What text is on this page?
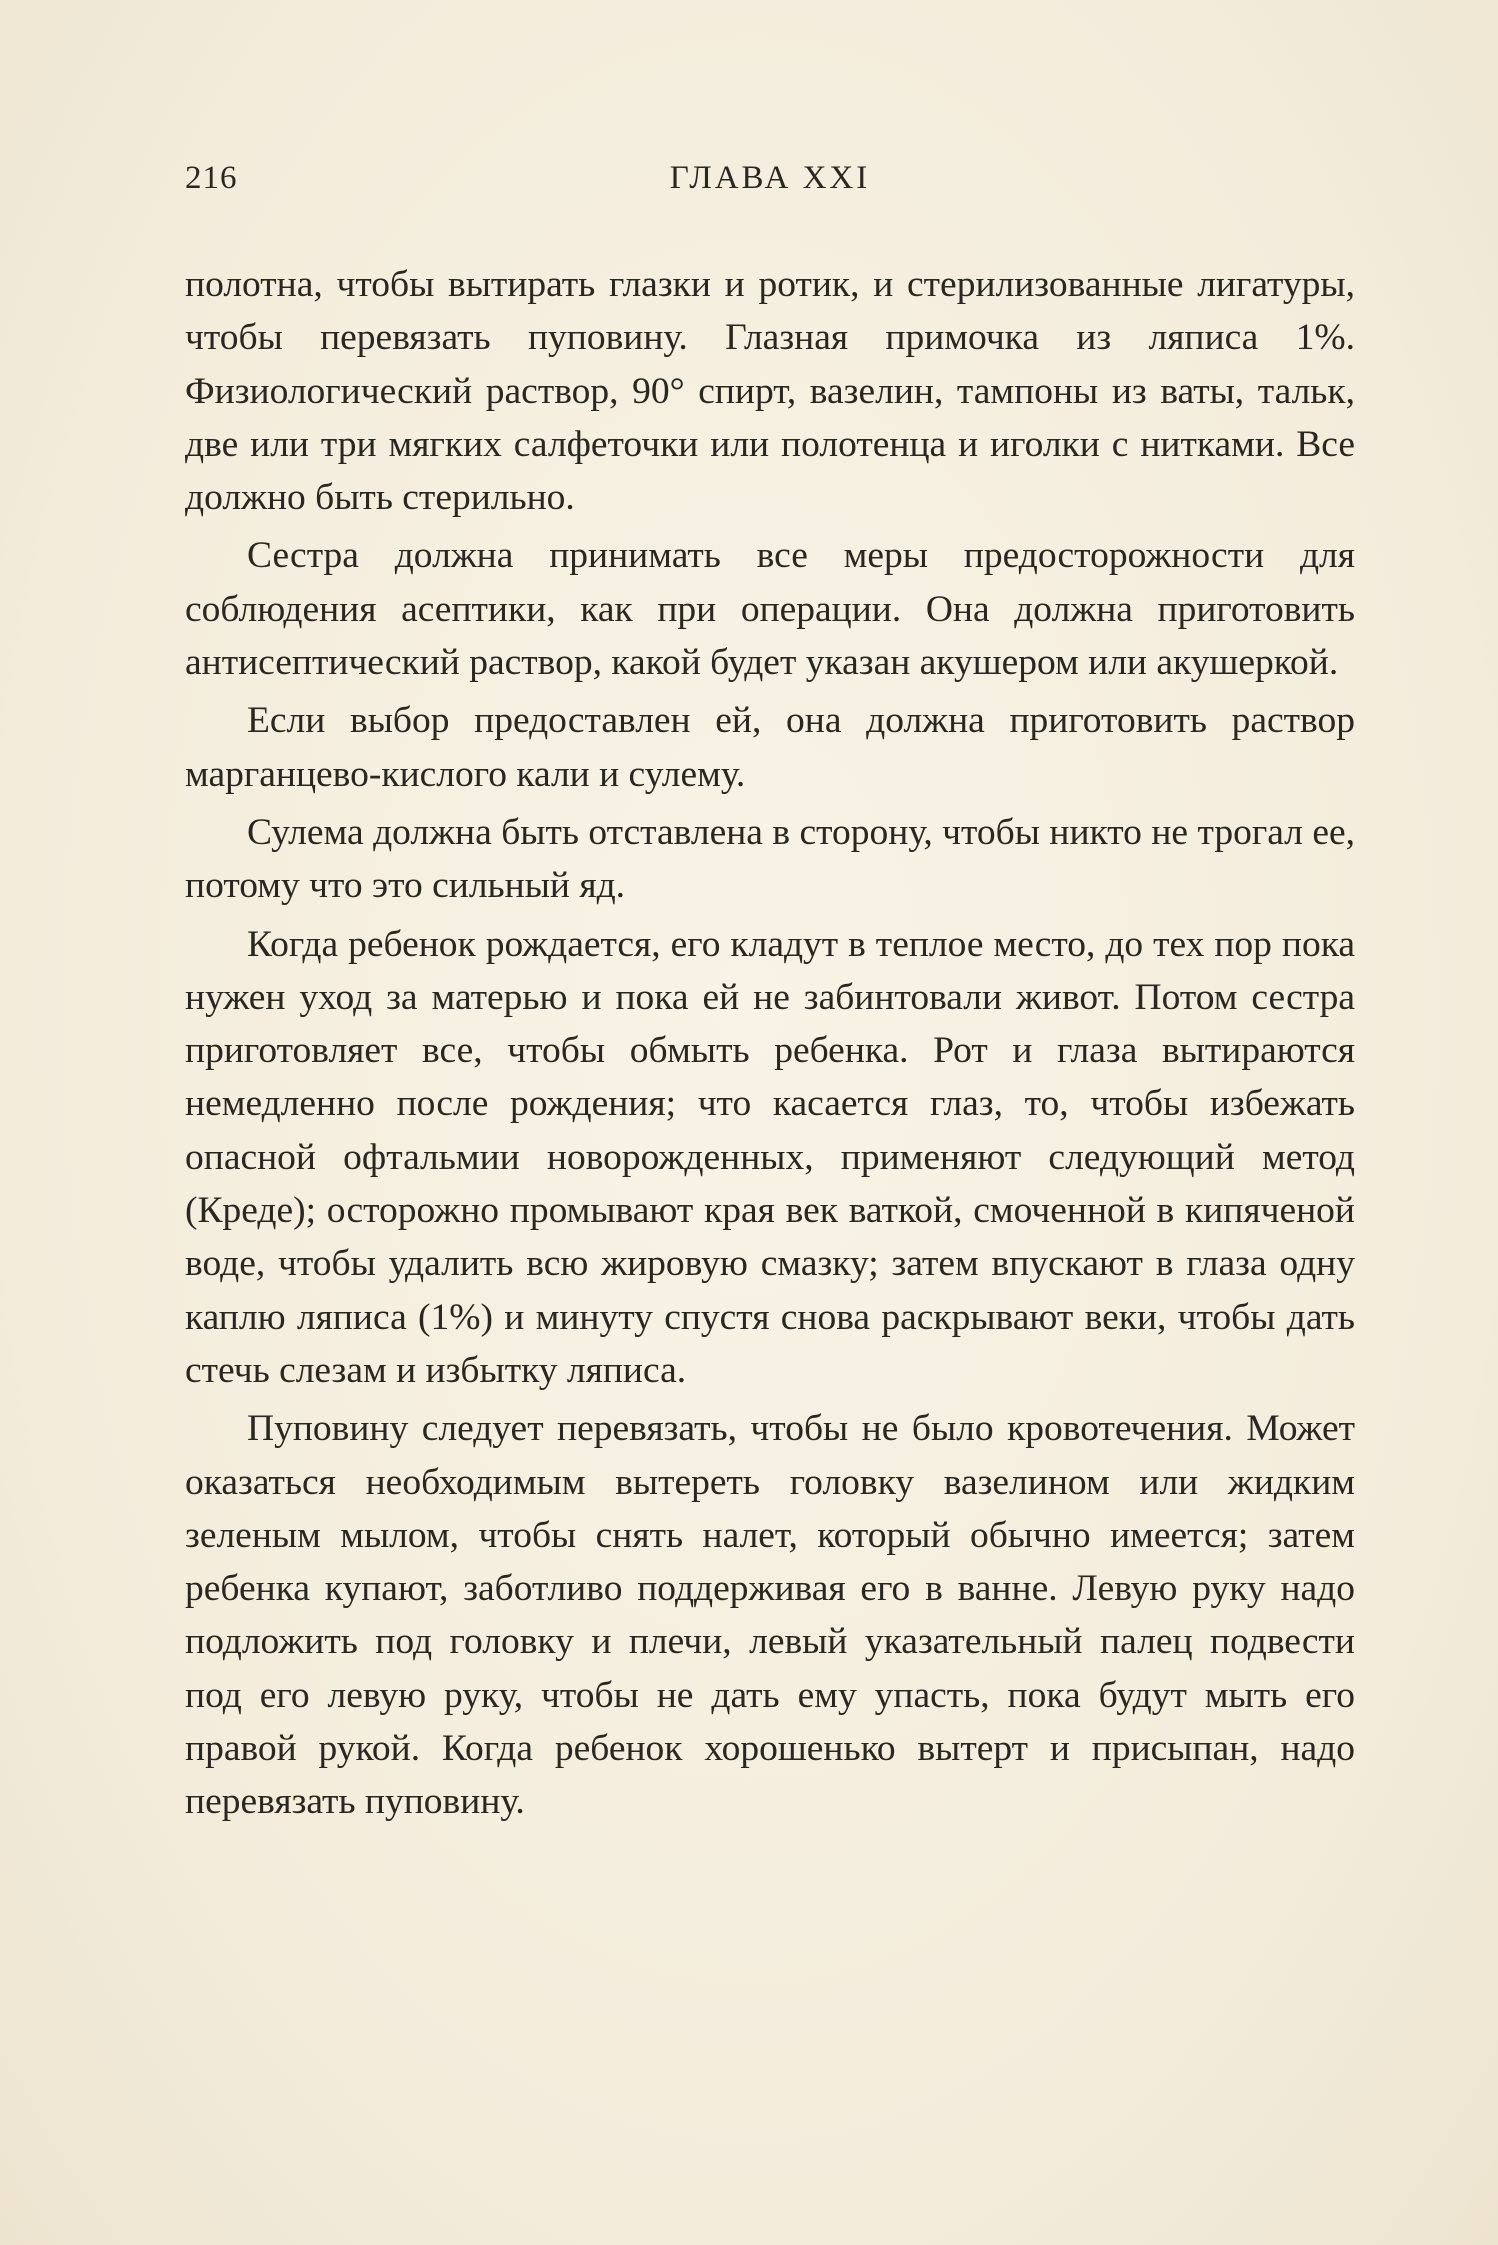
216	ГЛАВА XXI

полотна, чтобы вытирать глазки и ротик, и стерилизованные лигатуры, чтобы перевязать пуповину. Глазная примочка из ляписа 1%. Физиологический раствор, 90° спирт, вазелин, тампоны из ваты, тальк, две или три мягких салфеточки или полотенца и иголки с нитками. Все должно быть стерильно.

Сестра должна принимать все меры предосторожности для соблюдения асептики, как при операции. Она должна приготовить антисептический раствор, какой будет указан акушером или акушеркой.

Если выбор предоставлен ей, она должна приготовить раствор марганцево-кислого кали и сулему.

Сулема должна быть отставлена в сторону, чтобы никто не трогал ее, потому что это сильный яд.

Когда ребенок рождается, его кладут в теплое место, до тех пор пока нужен уход за матерью и пока ей не забинтовали живот. Потом сестра приготовляет все, чтобы обмыть ребенка. Рот и глаза вытираются немедленно после рождения; что касается глаз, то, чтобы избежать опасной офтальмии новорожденных, применяют следующий метод (Креде); осторожно промывают края век ваткой, смоченной в кипяченой воде, чтобы удалить всю жировую смазку; затем впускают в глаза одну каплю ляписа (1%) и минуту спустя снова раскрывают веки, чтобы дать стечь слезам и избытку ляписа.

Пуповину следует перевязать, чтобы не было кровотечения. Может оказаться необходимым вытереть головку вазелином или жидким зеленым мылом, чтобы снять налет, который обычно имеется; затем ребенка купают, заботливо поддерживая его в ванне. Левую руку надо подложить под головку и плечи, левый указательный палец подвести под его левую руку, чтобы не дать ему упасть, пока будут мыть его правой рукой. Когда ребенок хорошенько вытерт и присыпан, надо перевязать пуповину.
